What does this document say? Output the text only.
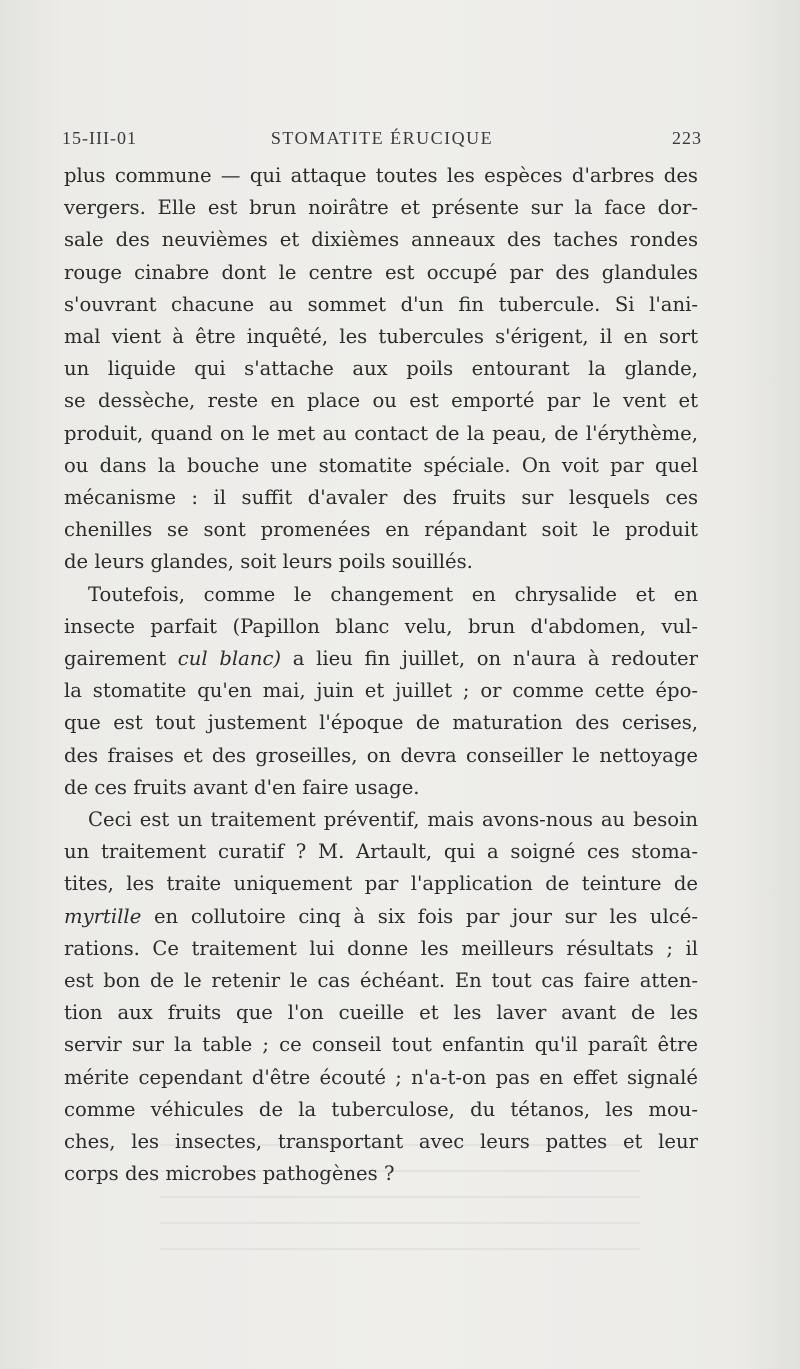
15-III-01	STOMATITE ÉRUCIQUE	223
plus commune — qui attaque toutes les espèces d'arbres des
vergers. Elle est brun noirâtre et présente sur la face dor-
sale des neuvièmes et dixièmes anneaux des taches rondes
rouge cinabre dont le centre est occupé par des glandules
s'ouvrant chacune au sommet d'un fin tubercule. Si l'ani-
mal vient à être inquêté, les tubercules s'érigent, il en sort
un liquide qui s'attache aux poils entourant la glande,
se dessèche, reste en place ou est emporté par le vent et
produit, quand on le met au contact de la peau, de l'érythème,
ou dans la bouche une stomatite spéciale. On voit par quel
mécanisme : il suffit d'avaler des fruits sur lesquels ces
chenilles se sont promenées en répandant soit le produit
de leurs glandes, soit leurs poils souillés.
Toutefois, comme le changement en chrysalide et en
insecte parfait (Papillon blanc velu, brun d'abdomen, vul-
gairement cul blanc) a lieu fin juillet, on n'aura à redouter
la stomatite qu'en mai, juin et juillet ; or comme cette épo-
que est tout justement l'époque de maturation des cerises,
des fraises et des groseilles, on devra conseiller le nettoyage
de ces fruits avant d'en faire usage.
Ceci est un traitement préventif, mais avons-nous au besoin
un traitement curatif ? M. Artault, qui a soigné ces stoma-
tites, les traite uniquement par l'application de teinture de
myrtille en collutoire cinq à six fois par jour sur les ulcé-
rations. Ce traitement lui donne les meilleurs résultats ; il
est bon de le retenir le cas échéant. En tout cas faire atten-
tion aux fruits que l'on cueille et les laver avant de les
servir sur la table ; ce conseil tout enfantin qu'il paraît être
mérite cependant d'être écouté ; n'a-t-on pas en effet signalé
comme véhicules de la tuberculose, du tétanos, les mou-
ches, les insectes, transportant avec leurs pattes et leur
corps des microbes pathogènes ?
